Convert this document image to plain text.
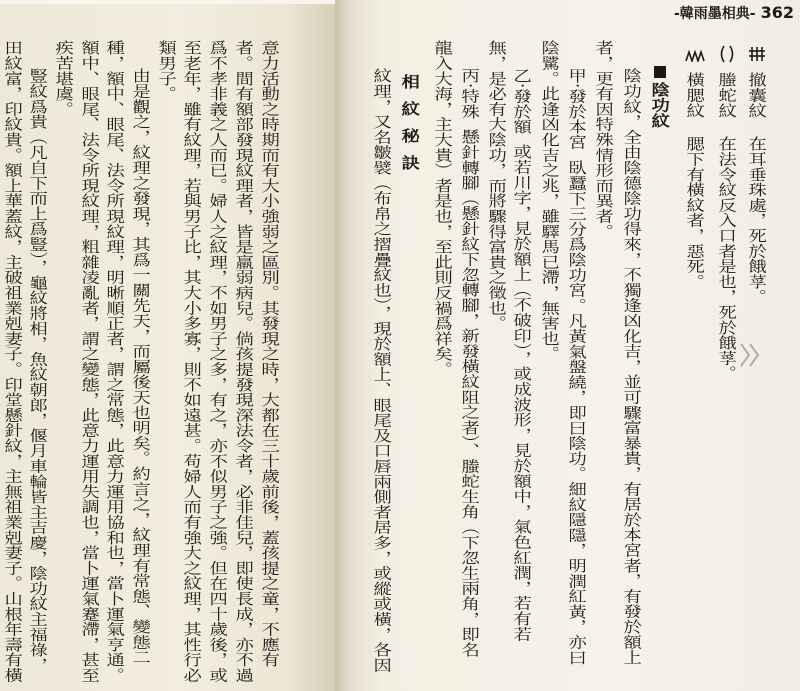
意力活動之時期而有大小強弱之區別。其發現之時，大都在三十歲前後，蓋孩提之童，不應有
者。間有額部發現紋理者，皆是羸弱病兒。倘孩提發現深法令者，必非佳兒，即使長成，亦不過
爲不孝非義之人而已。婦人之紋理，不如男子之多，有之，亦不似男子之強。但在四十歲後，或
至老年，雖有紋理，若與男子比，其大小多寡，則不如遠甚。苟婦人而有強大之紋理，其性行必
類男子。
由是觀之，紋理之發現，其爲一關先天，而屬後天也明矣。約言之，紋理有常態、變態二
種，額中、眼尾、法令所現紋理，明晰順正者，謂之常態，此意力運用協和也，當卜運氣亨通。
額中、眼尾、法令所現紋理，粗雜凌亂者，謂之變態，此意力運用失調也，當卜運氣蹇滯，甚至
疾苦堪虞。
豎紋爲貴（凡自下而上爲豎），龜紋將相，魚紋朝郎，偃月車輪皆主吉慶，陰功紋主福祿，
田紋富，印紋貴。額上華蓋紋，主破祖業剋妻子。印堂懸針紋，主無祖業剋妻子。山根年壽有橫
-韓雨墨相典- 362
撤囊紋在耳垂珠處，死於餓莩。
螣蛇紋在法令紋反入口者是也，死於餓莩。
橫腮紋腮下有橫紋者，惡死。
陰功紋
陰功紋，全由陰德陰功得來，不獨逢凶化吉，並可驟富暴貴，有居於本宮者，有發於額上
者，更有因特殊情形而異者。
甲·發於本宮臥蠶下三分爲陰功宮。凡黃氣盤繞，即曰陰功。細紋隱隱，明潤紅黃，亦曰
陰騭。此逢凶化吉之兆，雖驛馬已滯，無害也。
乙·發於額或若川字，見於額上（不破印），或成波形，見於額中，氣色紅潤，若有若
無，是必有大陰功，而將驟得富貴之徵也。
丙·特殊懸針轉腳（懸針紋下忽轉腳，新發橫紋阻之者）、螣蛇生角（下忽生兩角，即名
龍入大海，主大貴）者是也，至此則反禍爲祥矣。
相紋秘訣
紋理，又名皺襞（布帛之摺疊紋也），現於額上、眼尾及口唇兩側者居多，或縱或橫，各因
